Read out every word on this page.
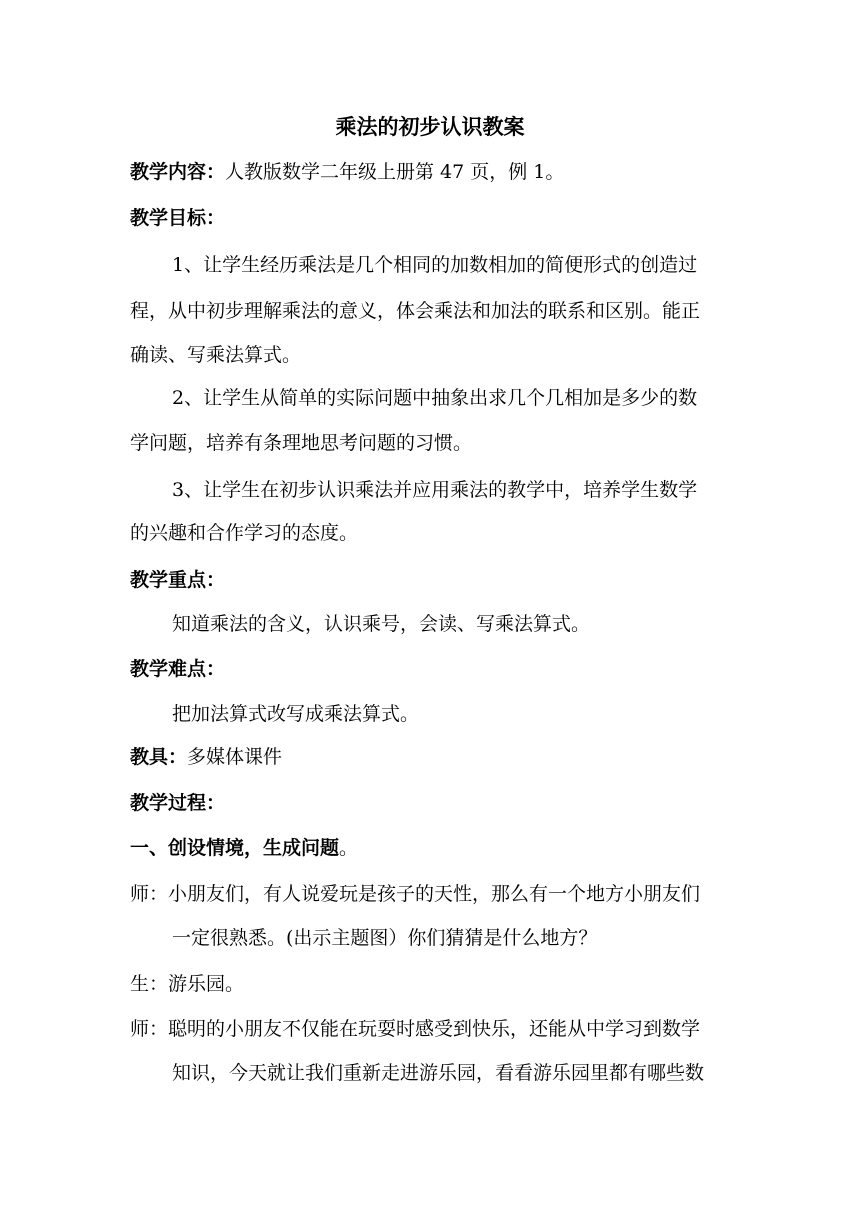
乘法的初步认识教案
教学内容：人教版数学二年级上册第 47 页，例 1。
教学目标：
1、让学生经历乘法是几个相同的加数相加的简便形式的创造过
程，从中初步理解乘法的意义，体会乘法和加法的联系和区别。能正
确读、写乘法算式。
2、让学生从简单的实际问题中抽象出求几个几相加是多少的数
学问题，培养有条理地思考问题的习惯。
3、让学生在初步认识乘法并应用乘法的教学中，培养学生数学
的兴趣和合作学习的态度。
教学重点：
知道乘法的含义，认识乘号，会读、写乘法算式。
教学难点：
把加法算式改写成乘法算式。
教具：多媒体课件
教学过程：
一、创设情境，生成问题。
师：小朋友们，有人说爱玩是孩子的天性，那么有一个地方小朋友们
一定很熟悉。(出示主题图）你们猜猜是什么地方？
生：游乐园。
师：聪明的小朋友不仅能在玩耍时感受到快乐，还能从中学习到数学
知识，今天就让我们重新走进游乐园，看看游乐园里都有哪些数
